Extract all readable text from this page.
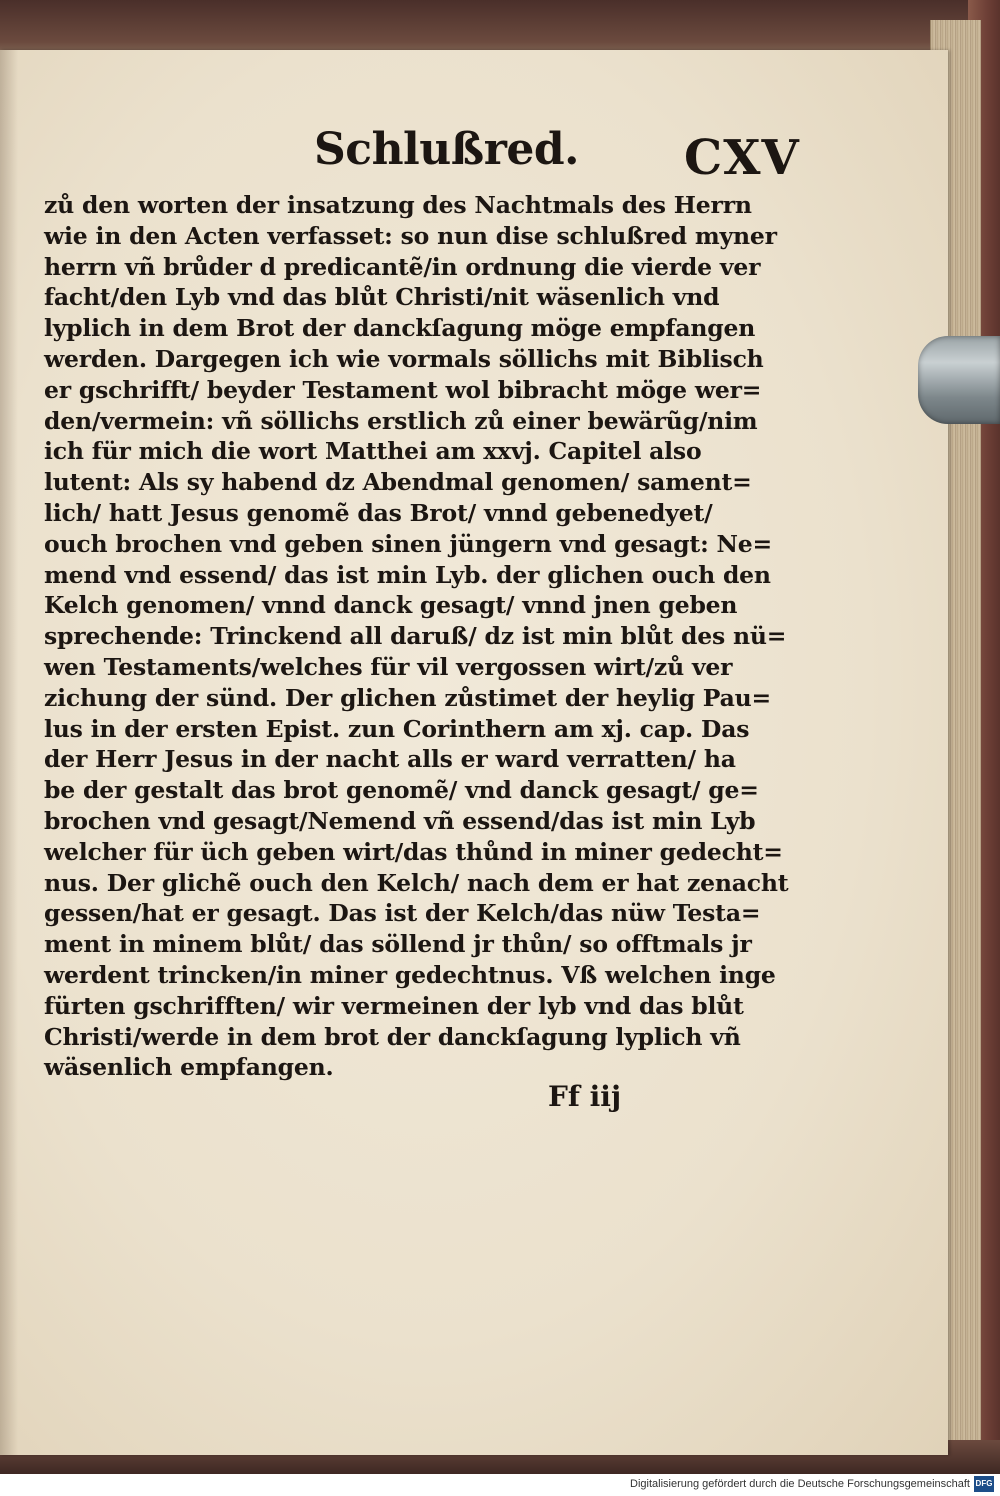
Schlußred. CXV
zů den worten der insatzung des Nachtmals des Herrn
wie in den Acten verfasset: so nun dise schlußred myner
herrn vñ brůder d predicantẽ/in ordnung die vierde ver
facht/den Lyb vnd das blůt Christi/nit wäsenlich vnd
lyplich in dem Brot der danckſagung möge empfangen
werden. Dargegen ich wie vormals söllichs mit Biblisch
er gschrifft/ beyder Testament wol bibracht möge wer=
den/vermein: vñ söllichs erstlich zů einer bewärũg/nim
ich für mich die wort Matthei am xxvj. Capitel also
lutent: Als sy habend dz Abendmal genomen/ sament=
lich/ hatt Jesus genomẽ das Brot/ vnnd gebenedyet/
ouch brochen vnd geben sinen jüngern vnd gesagt: Ne=
mend vnd essend/ das ist min Lyb. der glichen ouch den
Kelch genomen/ vnnd danck gesagt/ vnnd jnen geben
sprechende: Trinckend all daruß/ dz ist min blůt des nü=
wen Testaments/welches für vil vergossen wirt/zů ver
zichung der sünd. Der glichen zůstimet der heylig Pau=
lus in der ersten Epist. zun Corinthern am xj. cap. Das
der Herr Jesus in der nacht alls er ward verratten/ ha
be der gestalt das brot genomẽ/ vnd danck gesagt/ ge=
brochen vnd gesagt/Nemend vñ essend/das ist min Lyb
welcher für üch geben wirt/das thůnd in miner gedecht=
nus. Der glichẽ ouch den Kelch/ nach dem er hat zenacht
gessen/hat er gesagt. Das ist der Kelch/das nüw Testa=
ment in minem blůt/ das söllend jr thůn/ so offtmals jr
werdent trincken/in miner gedechtnus. Vß welchen inge
fürten gschrifften/ wir vermeinen der lyb vnd das blůt
Christi/werde in dem brot der danckſagung lyplich vñ
wäsenlich empfangen.
Ff iij
Digitalisierung gefördert durch die Deutsche Forschungsgemeinschaft DFG
